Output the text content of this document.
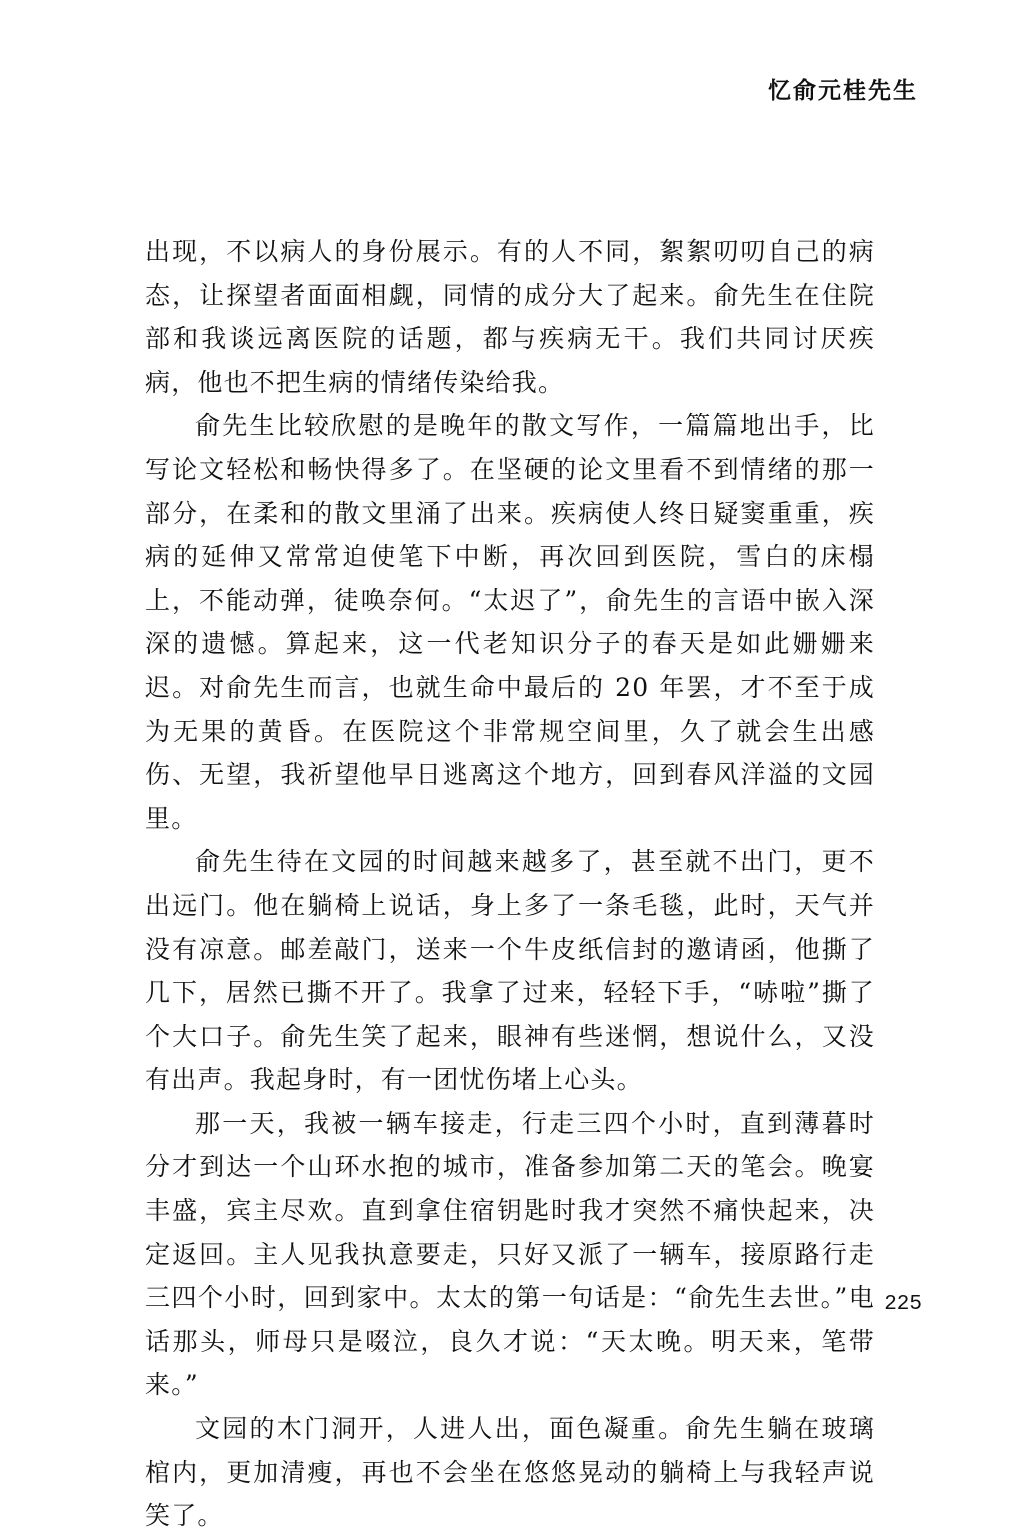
忆俞元桂先生

出现，不以病人的身份展示。有的人不同，絮絮叨叨自己的病态，让探望者面面相觑，同情的成分大了起来。俞先生在住院部和我谈远离医院的话题，都与疾病无干。我们共同讨厌疾病，他也不把生病的情绪传染给我。

俞先生比较欣慰的是晚年的散文写作，一篇篇地出手，比写论文轻松和畅快得多了。在坚硬的论文里看不到情绪的那一部分，在柔和的散文里涌了出来。疾病使人终日疑窦重重，疾病的延伸又常常迫使笔下中断，再次回到医院，雪白的床榻上，不能动弹，徒唤奈何。“太迟了”，俞先生的言语中嵌入深深的遗憾。算起来，这一代老知识分子的春天是如此姗姗来迟。对俞先生而言，也就生命中最后的 20 年罢，才不至于成为无果的黄昏。在医院这个非常规空间里，久了就会生出感伤、无望，我祈望他早日逃离这个地方，回到春风洋溢的文园里。

俞先生待在文园的时间越来越多了，甚至就不出门，更不出远门。他在躺椅上说话，身上多了一条毛毯，此时，天气并没有凉意。邮差敲门，送来一个牛皮纸信封的邀请函，他撕了几下，居然已撕不开了。我拿了过来，轻轻下手，“哧啦”撕了个大口子。俞先生笑了起来，眼神有些迷惘，想说什么，又没有出声。我起身时，有一团忧伤堵上心头。

那一天，我被一辆车接走，行走三四个小时，直到薄暮时分才到达一个山环水抱的城市，准备参加第二天的笔会。晚宴丰盛，宾主尽欢。直到拿住宿钥匙时我才突然不痛快起来，决定返回。主人见我执意要走，只好又派了一辆车，接原路行走三四个小时，回到家中。太太的第一句话是：“俞先生去世。”电话那头，师母只是啜泣，良久才说：“天太晚。明天来，笔带来。”

文园的木门洞开，人进人出，面色凝重。俞先生躺在玻璃棺内，更加清瘦，再也不会坐在悠悠晃动的躺椅上与我轻声说笑了。

225
